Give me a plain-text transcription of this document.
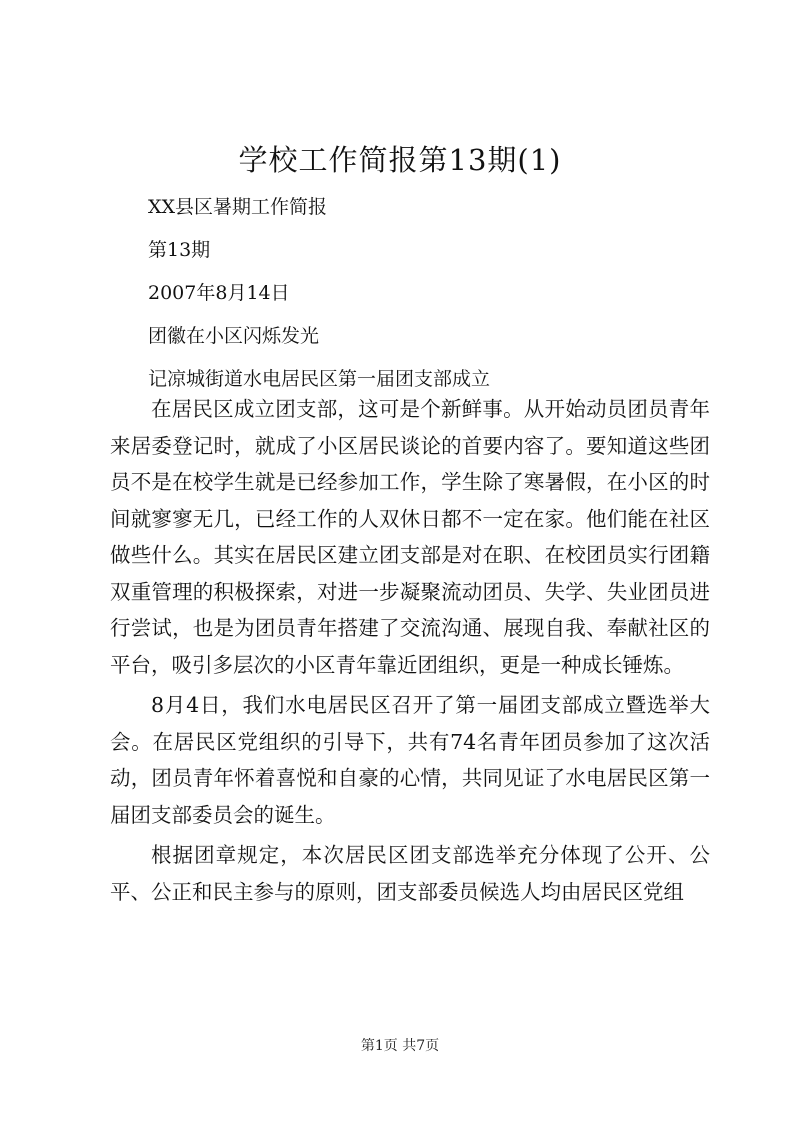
学校工作简报第13期(1)
XX县区暑期工作简报
第13期
2007年8月14日
团徽在小区闪烁发光
记凉城街道水电居民区第一届团支部成立

在居民区成立团支部，这可是个新鲜事。从开始动员团员青年来居委登记时，就成了小区居民谈论的首要内容了。要知道这些团员不是在校学生就是已经参加工作，学生除了寒暑假，在小区的时间就寥寥无几，已经工作的人双休日都不一定在家。他们能在社区做些什么。其实在居民区建立团支部是对在职、在校团员实行团籍双重管理的积极探索，对进一步凝聚流动团员、失学、失业团员进行尝试，也是为团员青年搭建了交流沟通、展现自我、奉献社区的平台，吸引多层次的小区青年靠近团组织，更是一种成长锤炼。

8月4日，我们水电居民区召开了第一届团支部成立暨选举大会。在居民区党组织的引导下，共有74名青年团员参加了这次活动，团员青年怀着喜悦和自豪的心情，共同见证了水电居民区第一届团支部委员会的诞生。

根据团章规定，本次居民区团支部选举充分体现了公开、公平、公正和民主参与的原则，团支部委员候选人均由居民区党组

第1页 共7页
